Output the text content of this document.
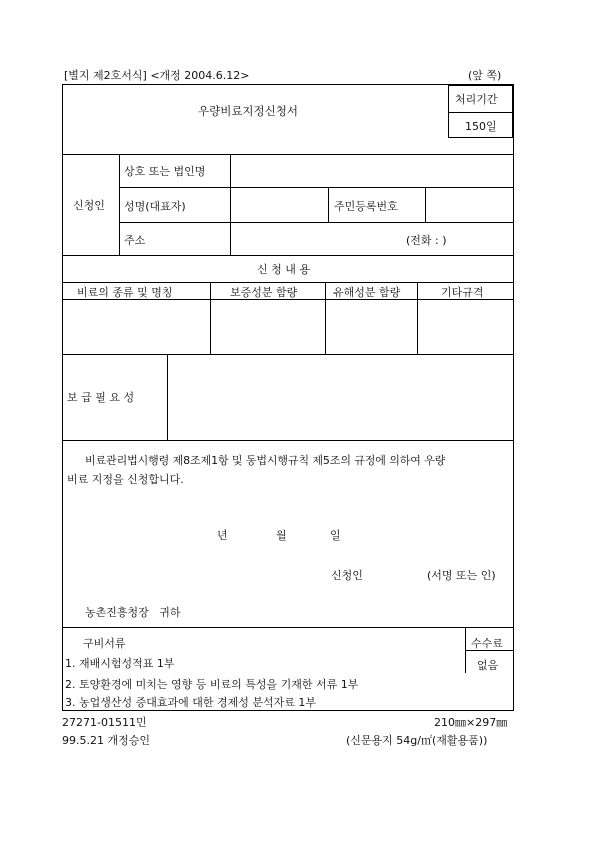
[별지 제2호서식] <개정 2004.6.12>	(앞 쪽)
처리기간
150일
우량비료지정신청서
신청인
상호 또는 법인명
성명(대표자)	주민등록번호
주소	(전화 : )
신 청 내 용
비료의 종류 및 명칭	보증성분 함량	유해성분 함량	기타규격
보 급 필 요 성
비료관리법시행령 제8조제1항 및 동법시행규칙 제5조의 규정에 의하여 우량
비료 지정을 신청합니다.
년	월	일
신청인	(서명 또는 인)
농촌진흥청장   귀하
구비서류
1. 재배시험성적표 1부
2. 토양환경에 미치는 영향 등 비료의 특성을 기재한 서류 1부
3. 농업생산성 증대효과에 대한 경제성 분석자료 1부
수수료
없음
27271-01511민	210㎜×297㎜
99.5.21 개정승인	(신문용지 54g/㎡(재활용품))
